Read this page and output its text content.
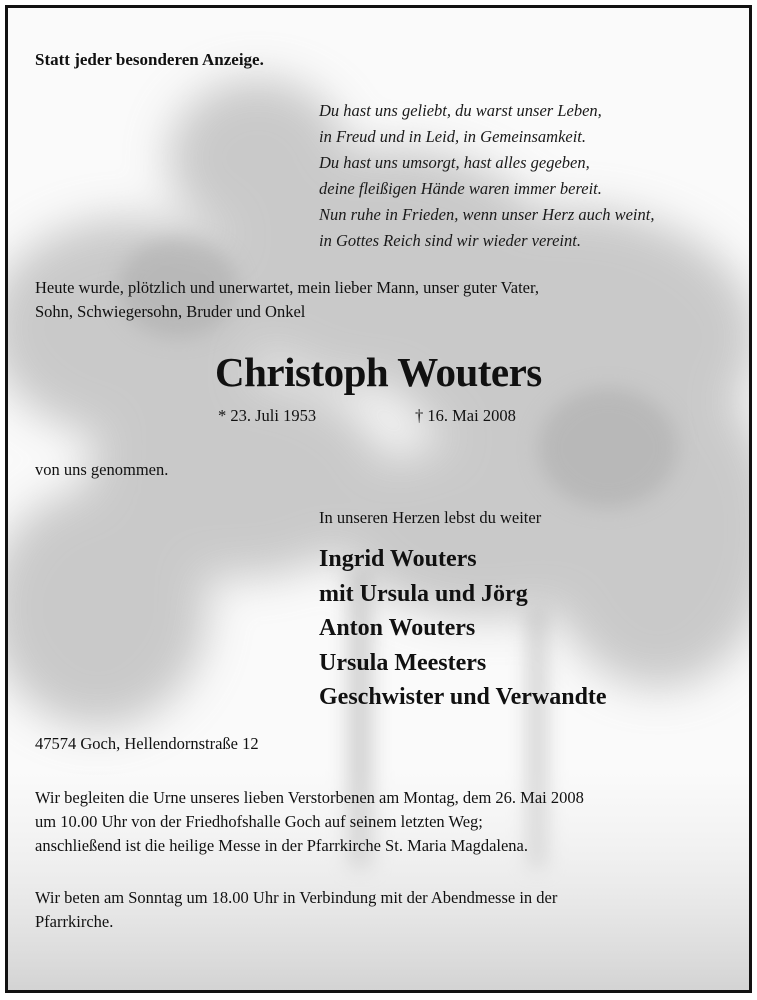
Statt jeder besonderen Anzeige.
Du hast uns geliebt, du warst unser Leben,
in Freud und in Leid, in Gemeinsamkeit.
Du hast uns umsorgt, hast alles gegeben,
deine fleißigen Hände waren immer bereit.
Nun ruhe in Frieden, wenn unser Herz auch weint,
in Gottes Reich sind wir wieder vereint.
Heute wurde, plötzlich und unerwartet, mein lieber Mann, unser guter Vater,
Sohn, Schwiegersohn, Bruder und Onkel
Christoph Wouters
* 23. Juli 1953	† 16. Mai 2008
von uns genommen.
In unseren Herzen lebst du weiter
Ingrid Wouters
mit Ursula und Jörg
Anton Wouters
Ursula Meesters
Geschwister und Verwandte
47574 Goch, Hellendornstraße 12
Wir begleiten die Urne unseres lieben Verstorbenen am Montag, dem 26. Mai 2008
um 10.00 Uhr von der Friedhofshalle Goch auf seinem letzten Weg;
anschließend ist die heilige Messe in der Pfarrkirche St. Maria Magdalena.
Wir beten am Sonntag um 18.00 Uhr in Verbindung mit der Abendmesse in der
Pfarrkirche.
